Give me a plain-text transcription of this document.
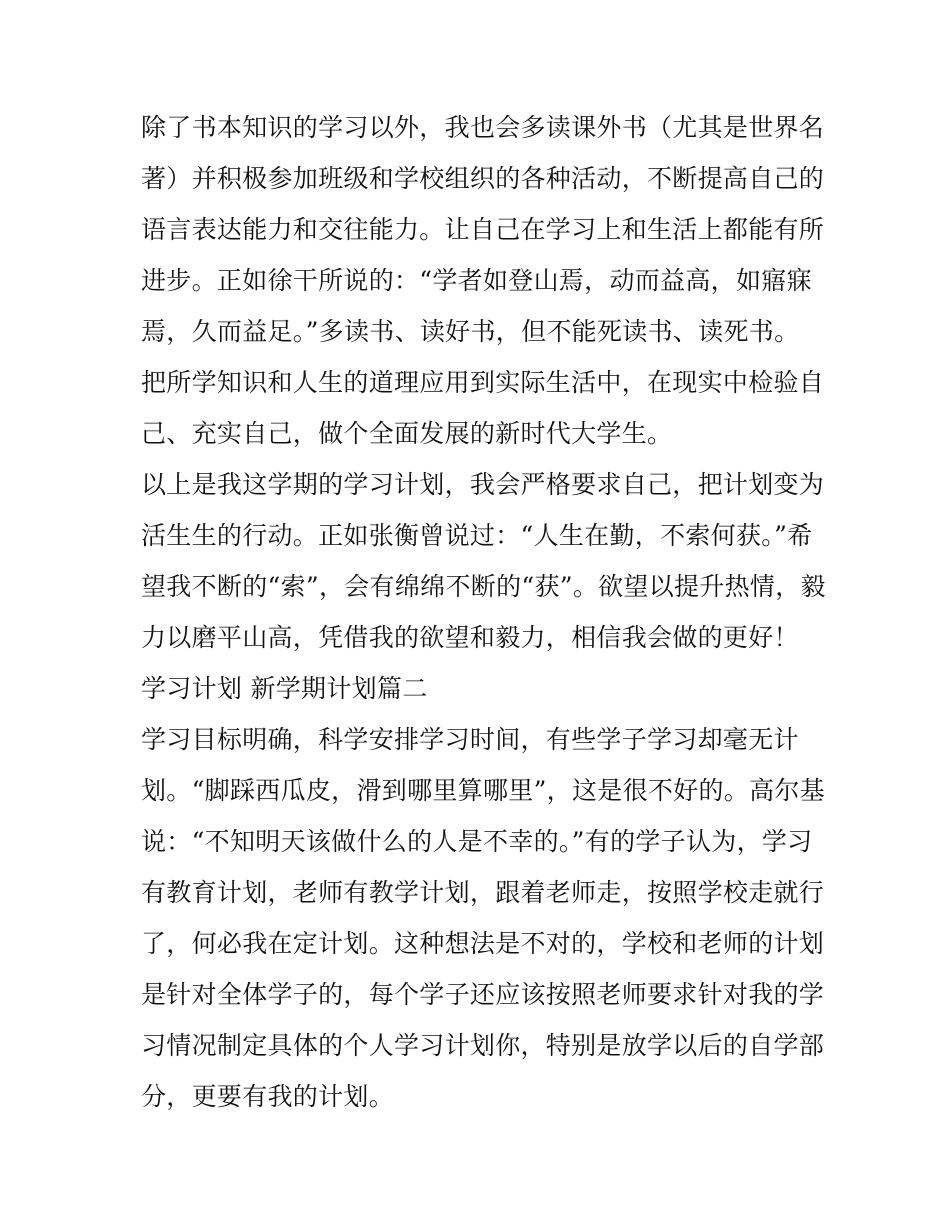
除了书本知识的学习以外，我也会多读课外书（尤其是世界名
著）并积极参加班级和学校组织的各种活动，不断提高自己的
语言表达能力和交往能力。让自己在学习上和生活上都能有所
进步。正如徐干所说的：“学者如登山焉，动而益高，如寤寐
焉，久而益足。”多读书、读好书，但不能死读书、读死书。
把所学知识和人生的道理应用到实际生活中，在现实中检验自
己、充实自己，做个全面发展的新时代大学生。
以上是我这学期的学习计划，我会严格要求自己，把计划变为
活生生的行动。正如张衡曾说过：“人生在勤，不索何获。”希
望我不断的“索”，会有绵绵不断的“获”。欲望以提升热情，毅
力以磨平山高，凭借我的欲望和毅力，相信我会做的更好！
学习计划 新学期计划篇二
学习目标明确，科学安排学习时间，有些学子学习却毫无计
划。“脚踩西瓜皮，滑到哪里算哪里”，这是很不好的。高尔基
说：“不知明天该做什么的人是不幸的。”有的学子认为，学习
有教育计划，老师有教学计划，跟着老师走，按照学校走就行
了，何必我在定计划。这种想法是不对的，学校和老师的计划
是针对全体学子的，每个学子还应该按照老师要求针对我的学
习情况制定具体的个人学习计划你，特别是放学以后的自学部
分，更要有我的计划。
